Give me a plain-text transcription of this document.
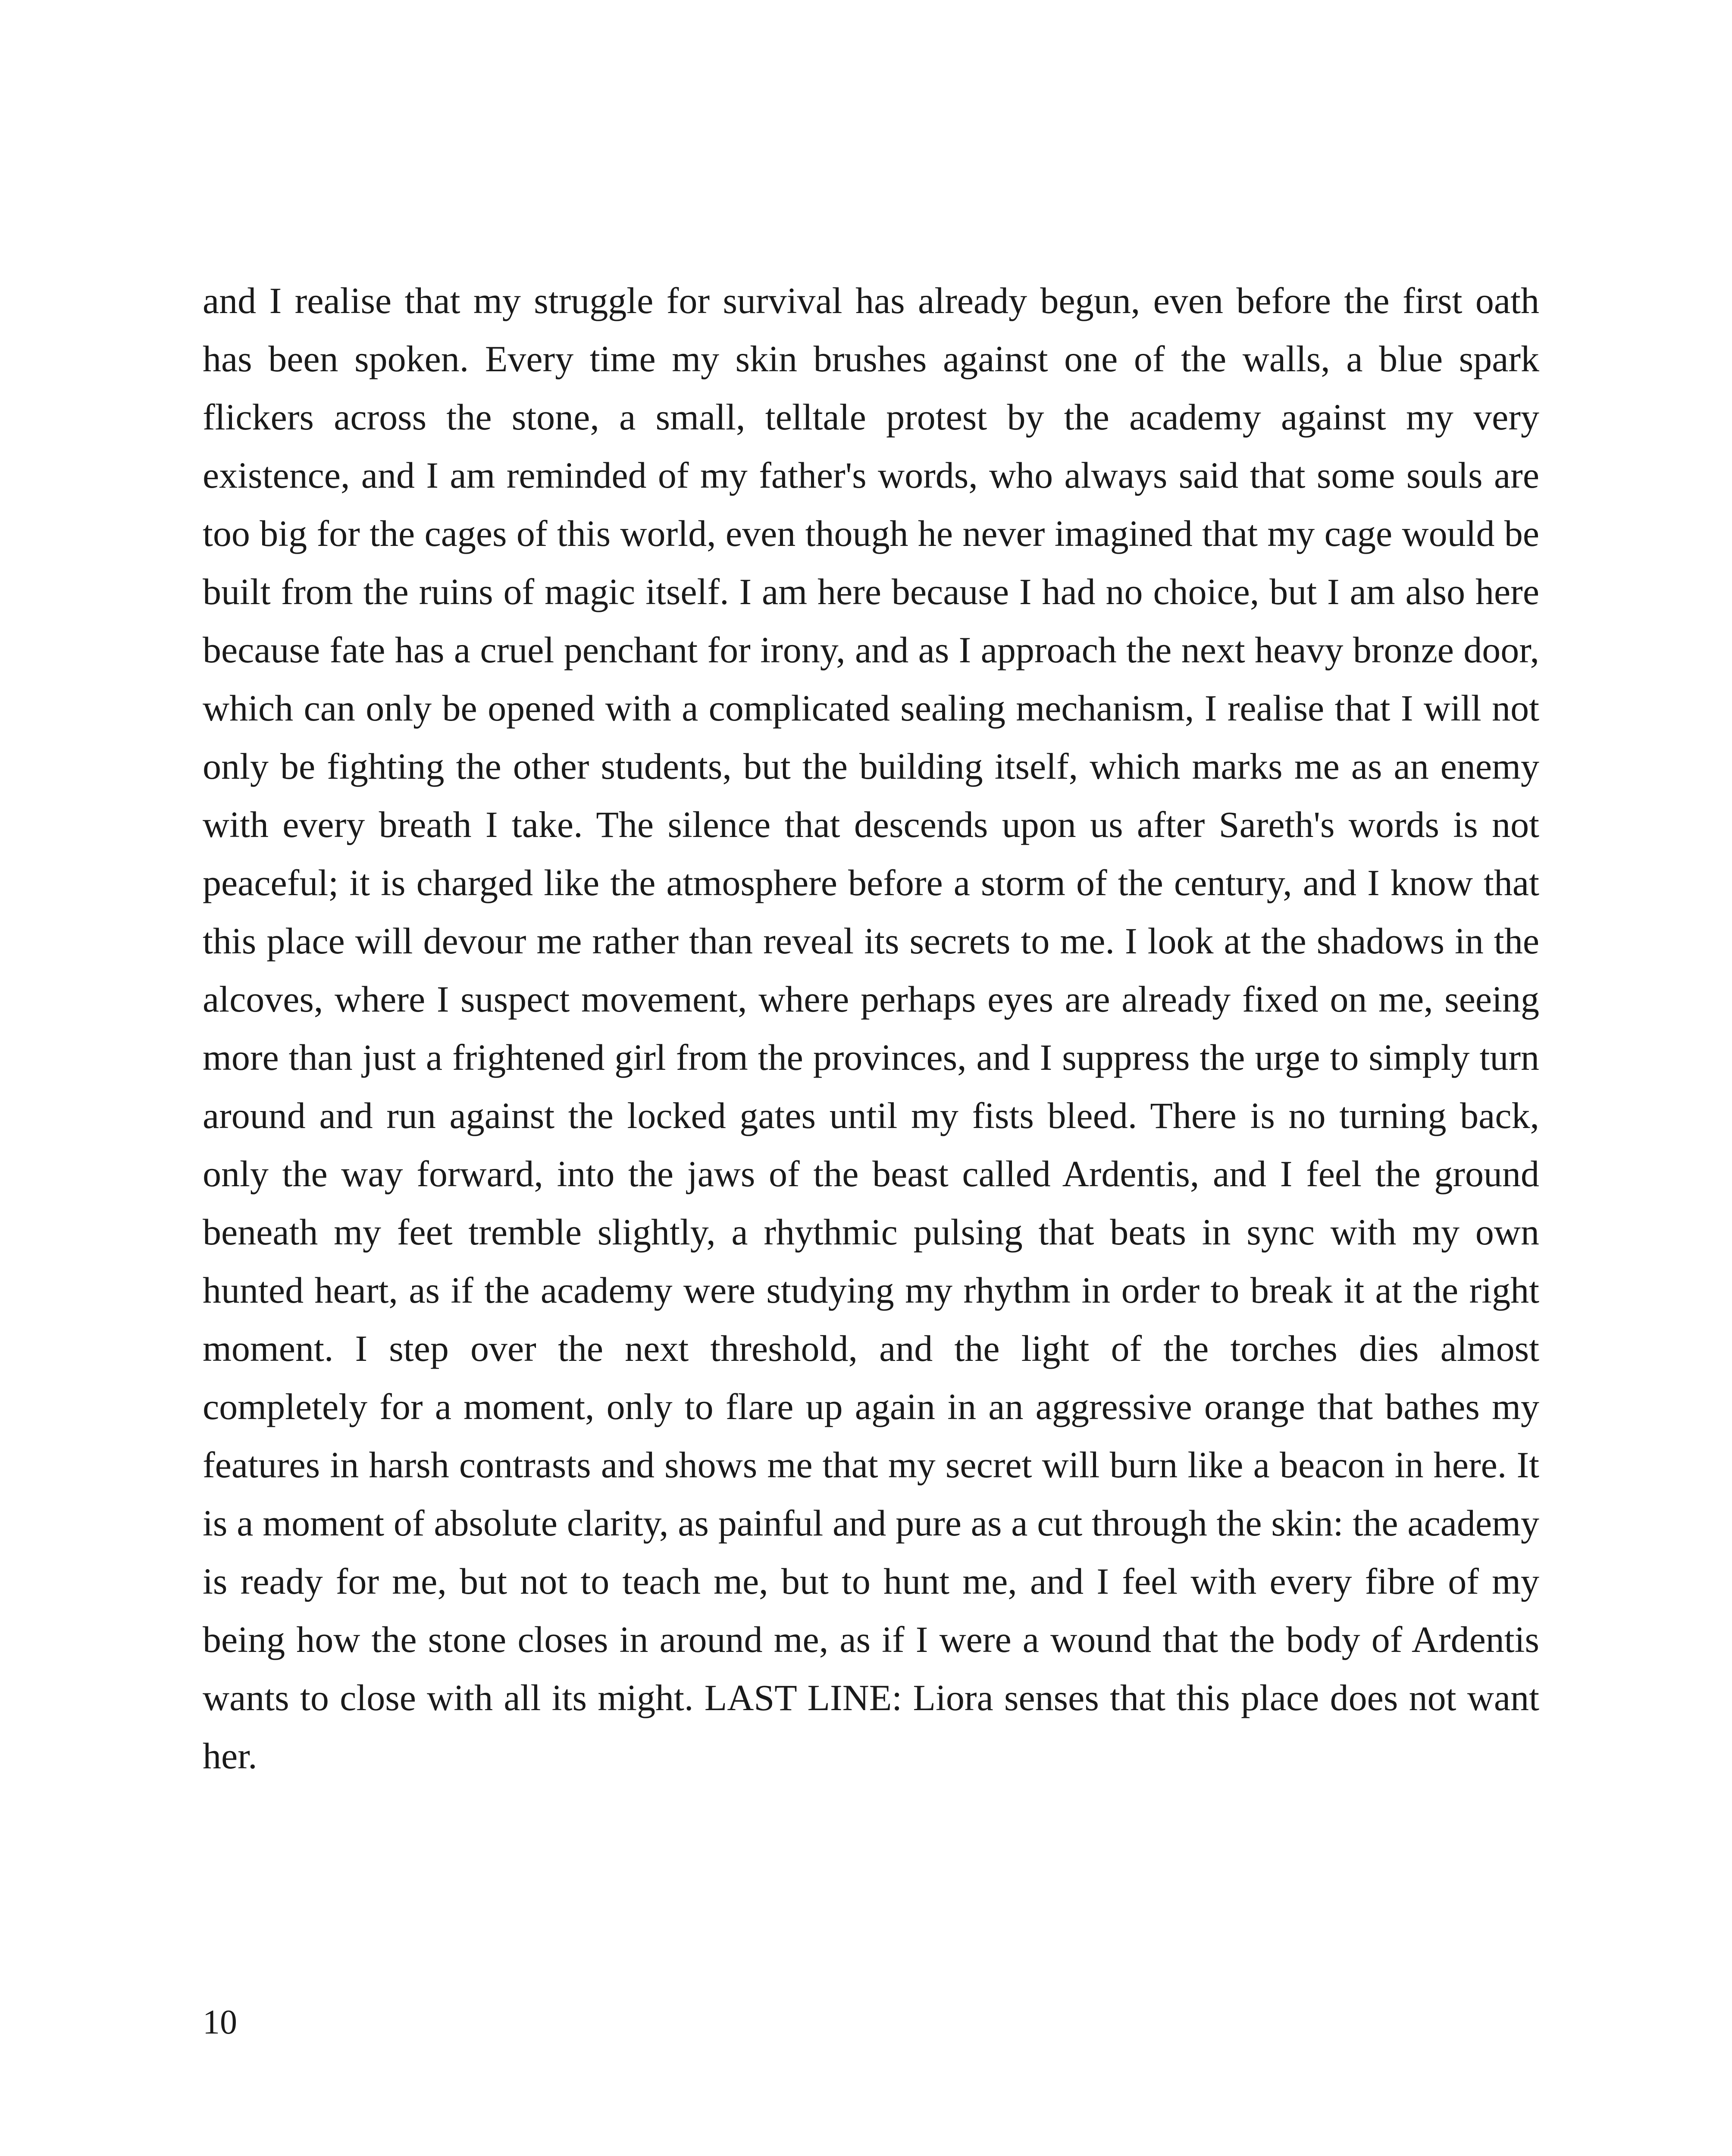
and I realise that my struggle for survival has already begun, even before the first oath has been spoken. Every time my skin brushes against one of the walls, a blue spark flickers across the stone, a small, telltale protest by the academy against my very existence, and I am reminded of my father's words, who always said that some souls are too big for the cages of this world, even though he never imagined that my cage would be built from the ruins of magic itself. I am here because I had no choice, but I am also here because fate has a cruel penchant for irony, and as I approach the next heavy bronze door, which can only be opened with a complicated sealing mechanism, I realise that I will not only be fighting the other students, but the building itself, which marks me as an enemy with every breath I take. The silence that descends upon us after Sareth's words is not peaceful; it is charged like the atmosphere before a storm of the century, and I know that this place will devour me rather than reveal its secrets to me. I look at the shadows in the alcoves, where I suspect movement, where perhaps eyes are already fixed on me, seeing more than just a frightened girl from the provinces, and I suppress the urge to simply turn around and run against the locked gates until my fists bleed. There is no turning back, only the way forward, into the jaws of the beast called Ardentis, and I feel the ground beneath my feet tremble slightly, a rhythmic pulsing that beats in sync with my own hunted heart, as if the academy were studying my rhythm in order to break it at the right moment. I step over the next threshold, and the light of the torches dies almost completely for a moment, only to flare up again in an aggressive orange that bathes my features in harsh contrasts and shows me that my secret will burn like a beacon in here. It is a moment of absolute clarity, as painful and pure as a cut through the skin: the academy is ready for me, but not to teach me, but to hunt me, and I feel with every fibre of my being how the stone closes in around me, as if I were a wound that the body of Ardentis wants to close with all its might. LAST LINE: Liora senses that this place does not want her.

10
